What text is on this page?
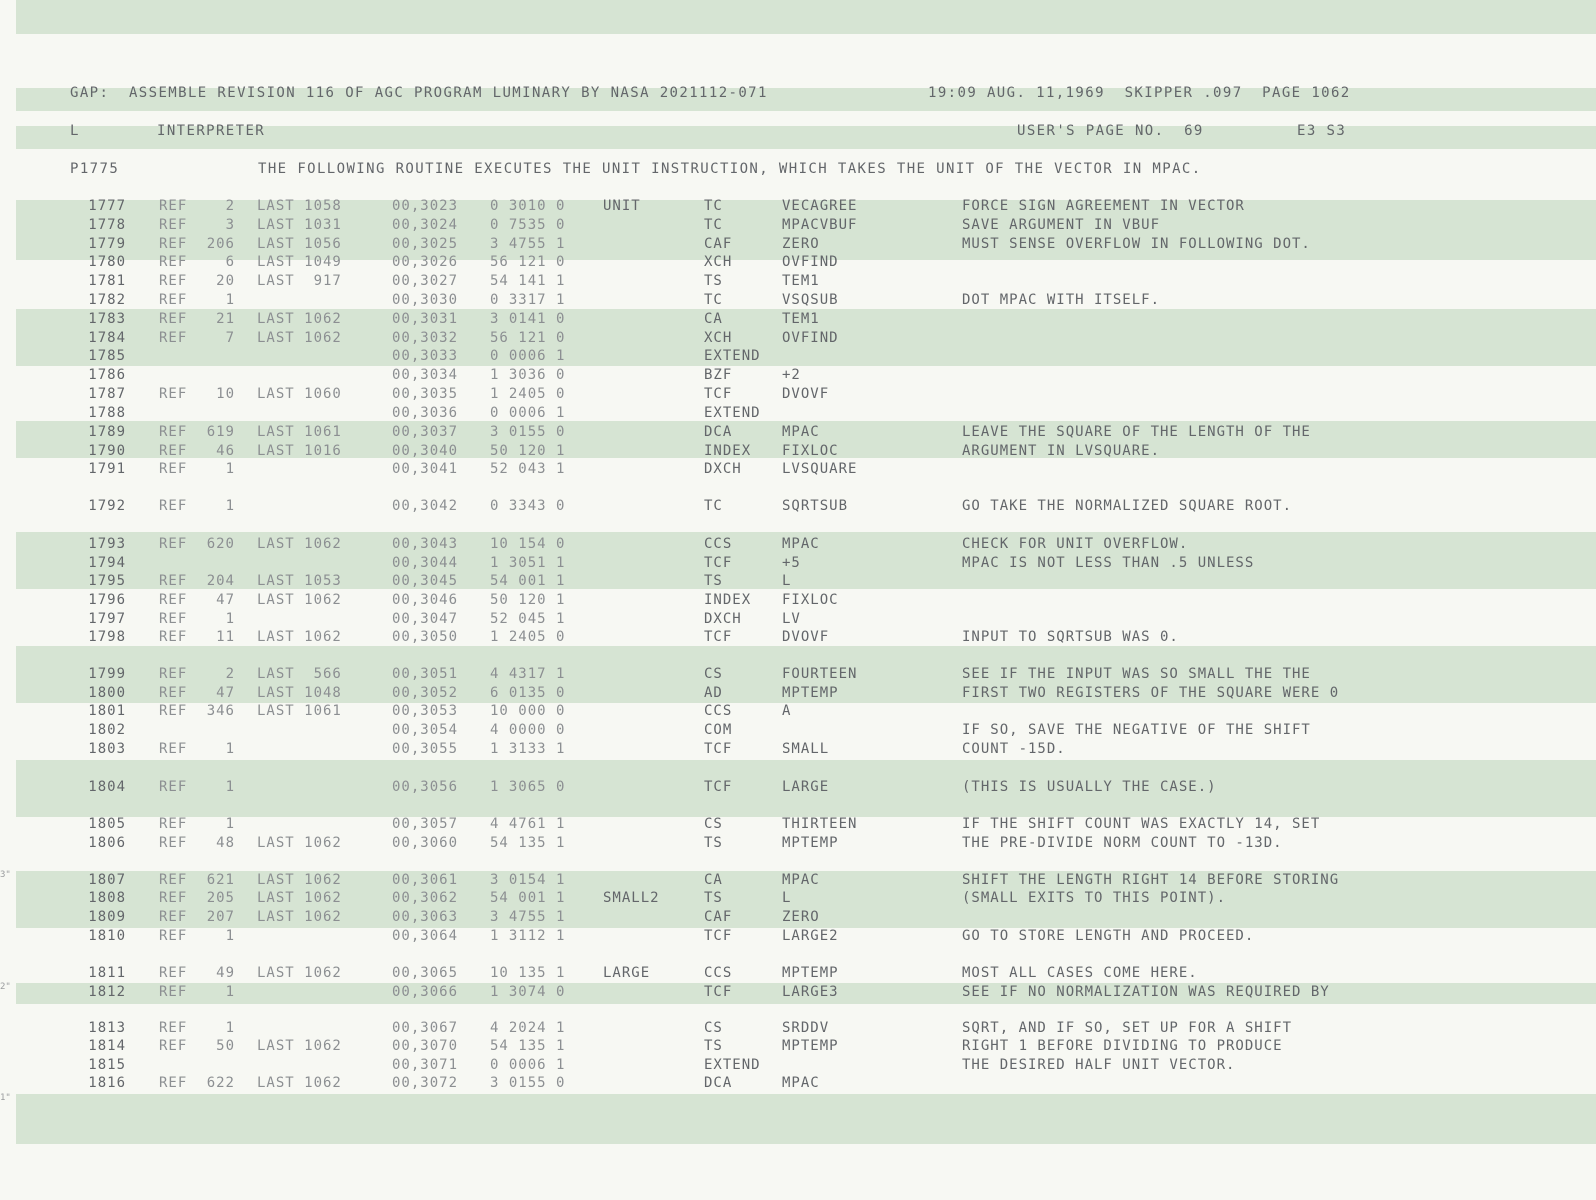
GAP:  ASSEMBLE REVISION 116 OF AGC PROGRAM LUMINARY BY NASA 2021112-071	19:09 AUG. 11,1969  SKIPPER .097  PAGE 1062
L	INTERPRETER	USER'S PAGE NO.  69	E3 S3
P1775	THE FOLLOWING ROUTINE EXECUTES THE UNIT INSTRUCTION, WHICH TAKES THE UNIT OF THE VECTOR IN MPAC.
1777 REF	2 LAST 1058	00,3023 0 3010 0	UNIT	TC	VECAGREE	FORCE SIGN AGREEMENT IN VECTOR
1778 REF	3 LAST 1031	00,3024 0 7535 0	TC	MPACVBUF	SAVE ARGUMENT IN VBUF
1779 REF	206 LAST 1056	00,3025 3 4755 1	CAF	ZERO	MUST SENSE OVERFLOW IN FOLLOWING DOT.
1780 REF	6 LAST 1049	00,3026 56 121 0	XCH	OVFIND
1781 REF	20 LAST  917	00,3027 54 141 1	TS	TEM1
1782 REF	1	00,3030 0 3317 1	TC	VSQSUB	DOT MPAC WITH ITSELF.
1783 REF	21 LAST 1062	00,3031 3 0141 0	CA	TEM1
1784 REF	7 LAST 1062	00,3032 56 121 0	XCH	OVFIND
1785	00,3033 0 0006 1	EXTEND
1786	00,3034 1 3036 0	BZF	+2
1787 REF	10 LAST 1060	00,3035 1 2405 0	TCF	DVOVF
1788	00,3036 0 0006 1	EXTEND
1789 REF	619 LAST 1061	00,3037 3 0155 0	DCA	MPAC	LEAVE THE SQUARE OF THE LENGTH OF THE
1790 REF	46 LAST 1016	00,3040 50 120 1	INDEX FIXLOC	ARGUMENT IN LVSQUARE.
1791 REF	1	00,3041 52 043 1	DXCH	LVSQUARE
1792 REF	1	00,3042 0 3343 0	TC	SQRTSUB	GO TAKE THE NORMALIZED SQUARE ROOT.
1793 REF	620 LAST 1062	00,3043 10 154 0	CCS	MPAC	CHECK FOR UNIT OVERFLOW.
1794	00,3044 1 3051 1	TCF	+5	MPAC IS NOT LESS THAN .5 UNLESS
1795 REF	204 LAST 1053	00,3045 54 001 1	TS	L
1796 REF	47 LAST 1062	00,3046 50 120 1	INDEX FIXLOC
1797 REF	1	00,3047 52 045 1	DXCH	LV
1798 REF	11 LAST 1062	00,3050 1 2405 0	TCF	DVOVF	INPUT TO SQRTSUB WAS 0.
1799 REF	2 LAST  566	00,3051 4 4317 1	CS	FOURTEEN	SEE IF THE INPUT WAS SO SMALL THE THE
1800 REF	47 LAST 1048	00,3052 6 0135 0	AD	MPTEMP	FIRST TWO REGISTERS OF THE SQUARE WERE 0
1801 REF	346 LAST 1061	00,3053 10 000 0	CCS	A
1802	00,3054 4 0000 0	COM	IF SO, SAVE THE NEGATIVE OF THE SHIFT
1803 REF	1	00,3055 1 3133 1	TCF	SMALL	COUNT -15D.
1804 REF	1	00,3056 1 3065 0	TCF	LARGE	(THIS IS USUALLY THE CASE.)
1805 REF	1	00,3057 4 4761 1	CS	THIRTEEN	IF THE SHIFT COUNT WAS EXACTLY 14, SET
1806 REF	48 LAST 1062	00,3060 54 135 1	TS	MPTEMP	THE PRE-DIVIDE NORM COUNT TO -13D.
1807 REF	621 LAST 1062	00,3061 3 0154 1	CA	MPAC	SHIFT THE LENGTH RIGHT 14 BEFORE STORING
1808 REF	205 LAST 1062	00,3062 54 001 1	SMALL2	TS	L	(SMALL EXITS TO THIS POINT).
1809 REF	207 LAST 1062	00,3063 3 4755 1	CAF	ZERO
1810 REF	1	00,3064 1 3112 1	TCF	LARGE2	GO TO STORE LENGTH AND PROCEED.
1811 REF	49 LAST 1062	00,3065 10 135 1	LARGE	CCS	MPTEMP	MOST ALL CASES COME HERE.
1812 REF	1	00,3066 1 3074 0	TCF	LARGE3	SEE IF NO NORMALIZATION WAS REQUIRED BY
1813 REF	1	00,3067 4 2024 1	CS	SRDDV	SQRT, AND IF SO, SET UP FOR A SHIFT
1814 REF	50 LAST 1062	00,3070 54 135 1	TS	MPTEMP	RIGHT 1 BEFORE DIVIDING TO PRODUCE
1815	00,3071 0 0006 1	EXTEND	THE DESIRED HALF UNIT VECTOR.
1816 REF	622 LAST 1062	00,3072 3 0155 0	DCA	MPAC
3"
2"
1"
